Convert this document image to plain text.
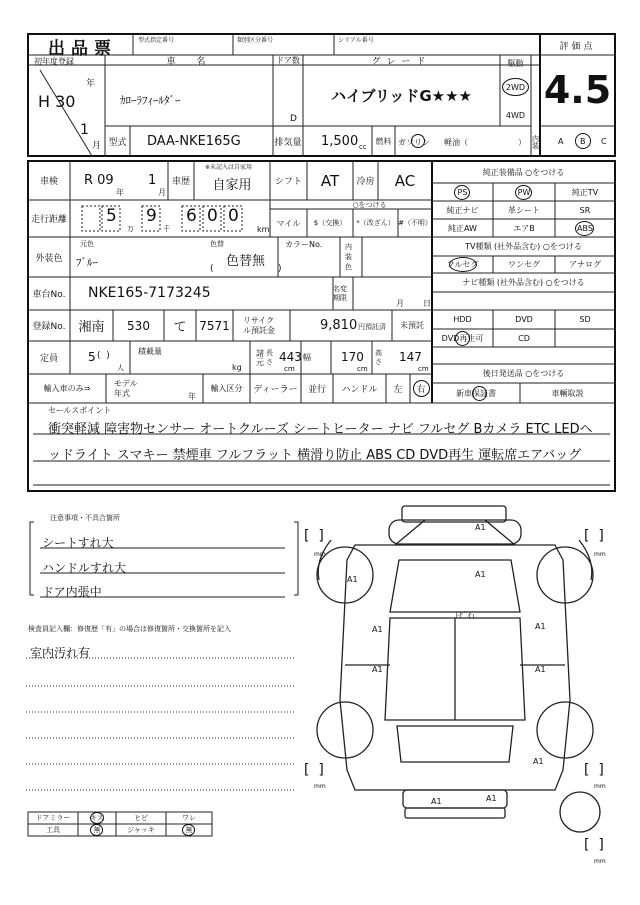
出品票	型式指定番号	類別区分番号	シリアル番号
評価点
4.5
初年度登録
年
H 30
1
月
車　名
ｶﾛｰﾗﾌｨｰﾙﾀﾞｰ
ドア数
D
グレード
ハイブリッドG★★★
駆動
2WD
4WD
型式 DAA-NKE165G	排気量 1,500 cc
燃料 ガソリン 軽油（	） 内装 A B C
車検	R 09
年
1
月
車歴
※未記入は自家用
自家用	シフト	AT	冷房	AC
走行距離 5
万
9
千
6 0 0
km
マイル
○をつける
$（交換）	*（改ざん） #（不明）
外装色
元色
ﾌﾞﾙｰ
色替
色替無
(	)
カラーNo.	内装色
車台No.	NKE165-7173245	名変期限
月 日
登録No.	湘南	530	て	7571	リサイクル預託金	9,810 円預託済	未預託
定員	5 (  )
人
積載量
kg
諸元
長さ 443
cm
幅	170
cm
高さ 147
cm
輸入車のみ⇒
モデル年式	年
輸入区分	ディーラー	並行	ハンドル	左	右
純正装備品 ○をつける
PS	PW	純正TV
純正ナビ	革シート	SR
純正AW	エアB	ABS
TV種類 (社外品含む) ○をつける
フルセグ	ワンセグ	アナログ
ナビ種類 (社外品含む) ○をつける
HDD	DVD	SD
DVD再生可	CD
後日発送品 ○をつける
新車保証書	車輌取説
セールスポイント
衝突軽減 障害物センサー オートクルーズ シートヒーター ナビ フルセグ Bカメラ ETC LEDヘ
ッドライト スマキー 禁煙車 フルフラット 横滑り防止 ABS CD DVD再生 運転席エアバッグ
注意事項・不具合箇所
シートすれ大
ハンドルすれ大
ドア内張中
検査員記入欄：修復歴「有」の場合は修復箇所・交換箇所を記入
室内汚れ有
A1
A1
A1
ﾄﾋﾞ石
A1	A1
A1	A1
A1
A1	A1
[  ]
mm
[  ]
mm
[  ]
mm
[  ]
mm
[  ]
mm
ドアミラー	キズ	ヒビ	ワレ
工具	無	ジャッキ	無
